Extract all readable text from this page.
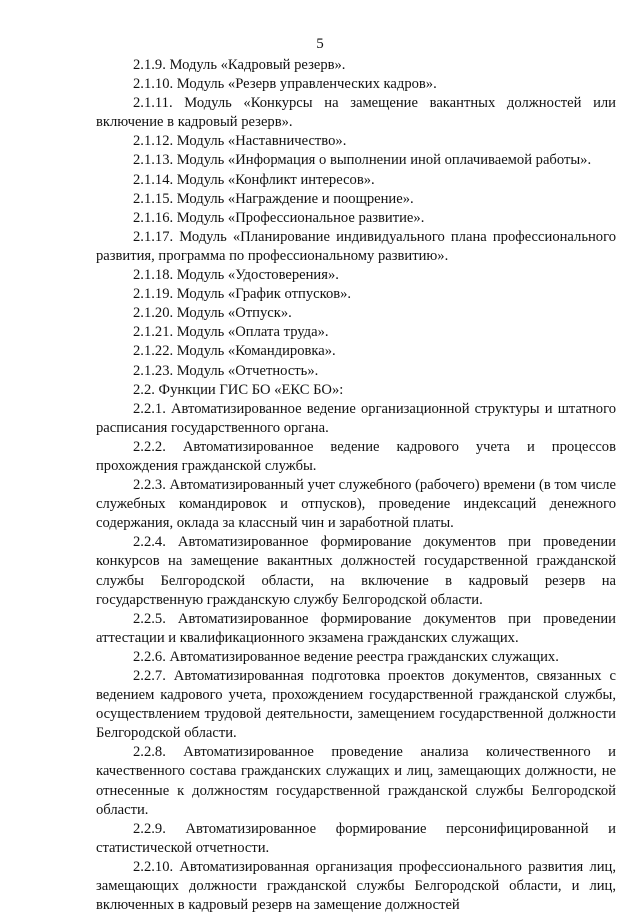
5

2.1.9. Модуль «Кадровый резерв».

2.1.10. Модуль «Резерв управленческих кадров».

2.1.11. Модуль «Конкурсы на замещение вакантных должностей или включение в кадровый резерв».

2.1.12. Модуль «Наставничество».

2.1.13. Модуль «Информация о выполнении иной оплачиваемой работы».

2.1.14. Модуль «Конфликт интересов».

2.1.15. Модуль «Награждение и поощрение».

2.1.16. Модуль «Профессиональное развитие».

2.1.17. Модуль «Планирование индивидуального плана профессионального развития, программа по профессиональному развитию».

2.1.18. Модуль «Удостоверения».

2.1.19. Модуль «График отпусков».

2.1.20. Модуль «Отпуск».

2.1.21. Модуль «Оплата труда».

2.1.22. Модуль «Командировка».

2.1.23. Модуль «Отчетность».

2.2. Функции ГИС БО «ЕКС БО»:

2.2.1. Автоматизированное ведение организационной структуры и штатного расписания государственного органа.

2.2.2. Автоматизированное ведение кадрового учета и процессов прохождения гражданской службы.

2.2.3. Автоматизированный учет служебного (рабочего) времени (в том числе служебных командировок и отпусков), проведение индексаций денежного содержания, оклада за классный чин и заработной платы.

2.2.4. Автоматизированное формирование документов при проведении конкурсов на замещение вакантных должностей государственной гражданской службы Белгородской области, на включение в кадровый резерв на государственную гражданскую службу Белгородской области.

2.2.5. Автоматизированное формирование документов при проведении аттестации и квалификационного экзамена гражданских служащих.

2.2.6. Автоматизированное ведение реестра гражданских служащих.

2.2.7. Автоматизированная подготовка проектов документов, связанных с ведением кадрового учета, прохождением государственной гражданской службы, осуществлением трудовой деятельности, замещением государственной должности Белгородской области.

2.2.8. Автоматизированное проведение анализа количественного и качественного состава гражданских служащих и лиц, замещающих должности, не отнесенные к должностям государственной гражданской службы Белгородской области.

2.2.9. Автоматизированное формирование персонифицированной и статистической отчетности.

2.2.10. Автоматизированная организация профессионального развития лиц, замещающих должности гражданской службы Белгородской области, и лиц, включенных в кадровый резерв на замещение должностей
